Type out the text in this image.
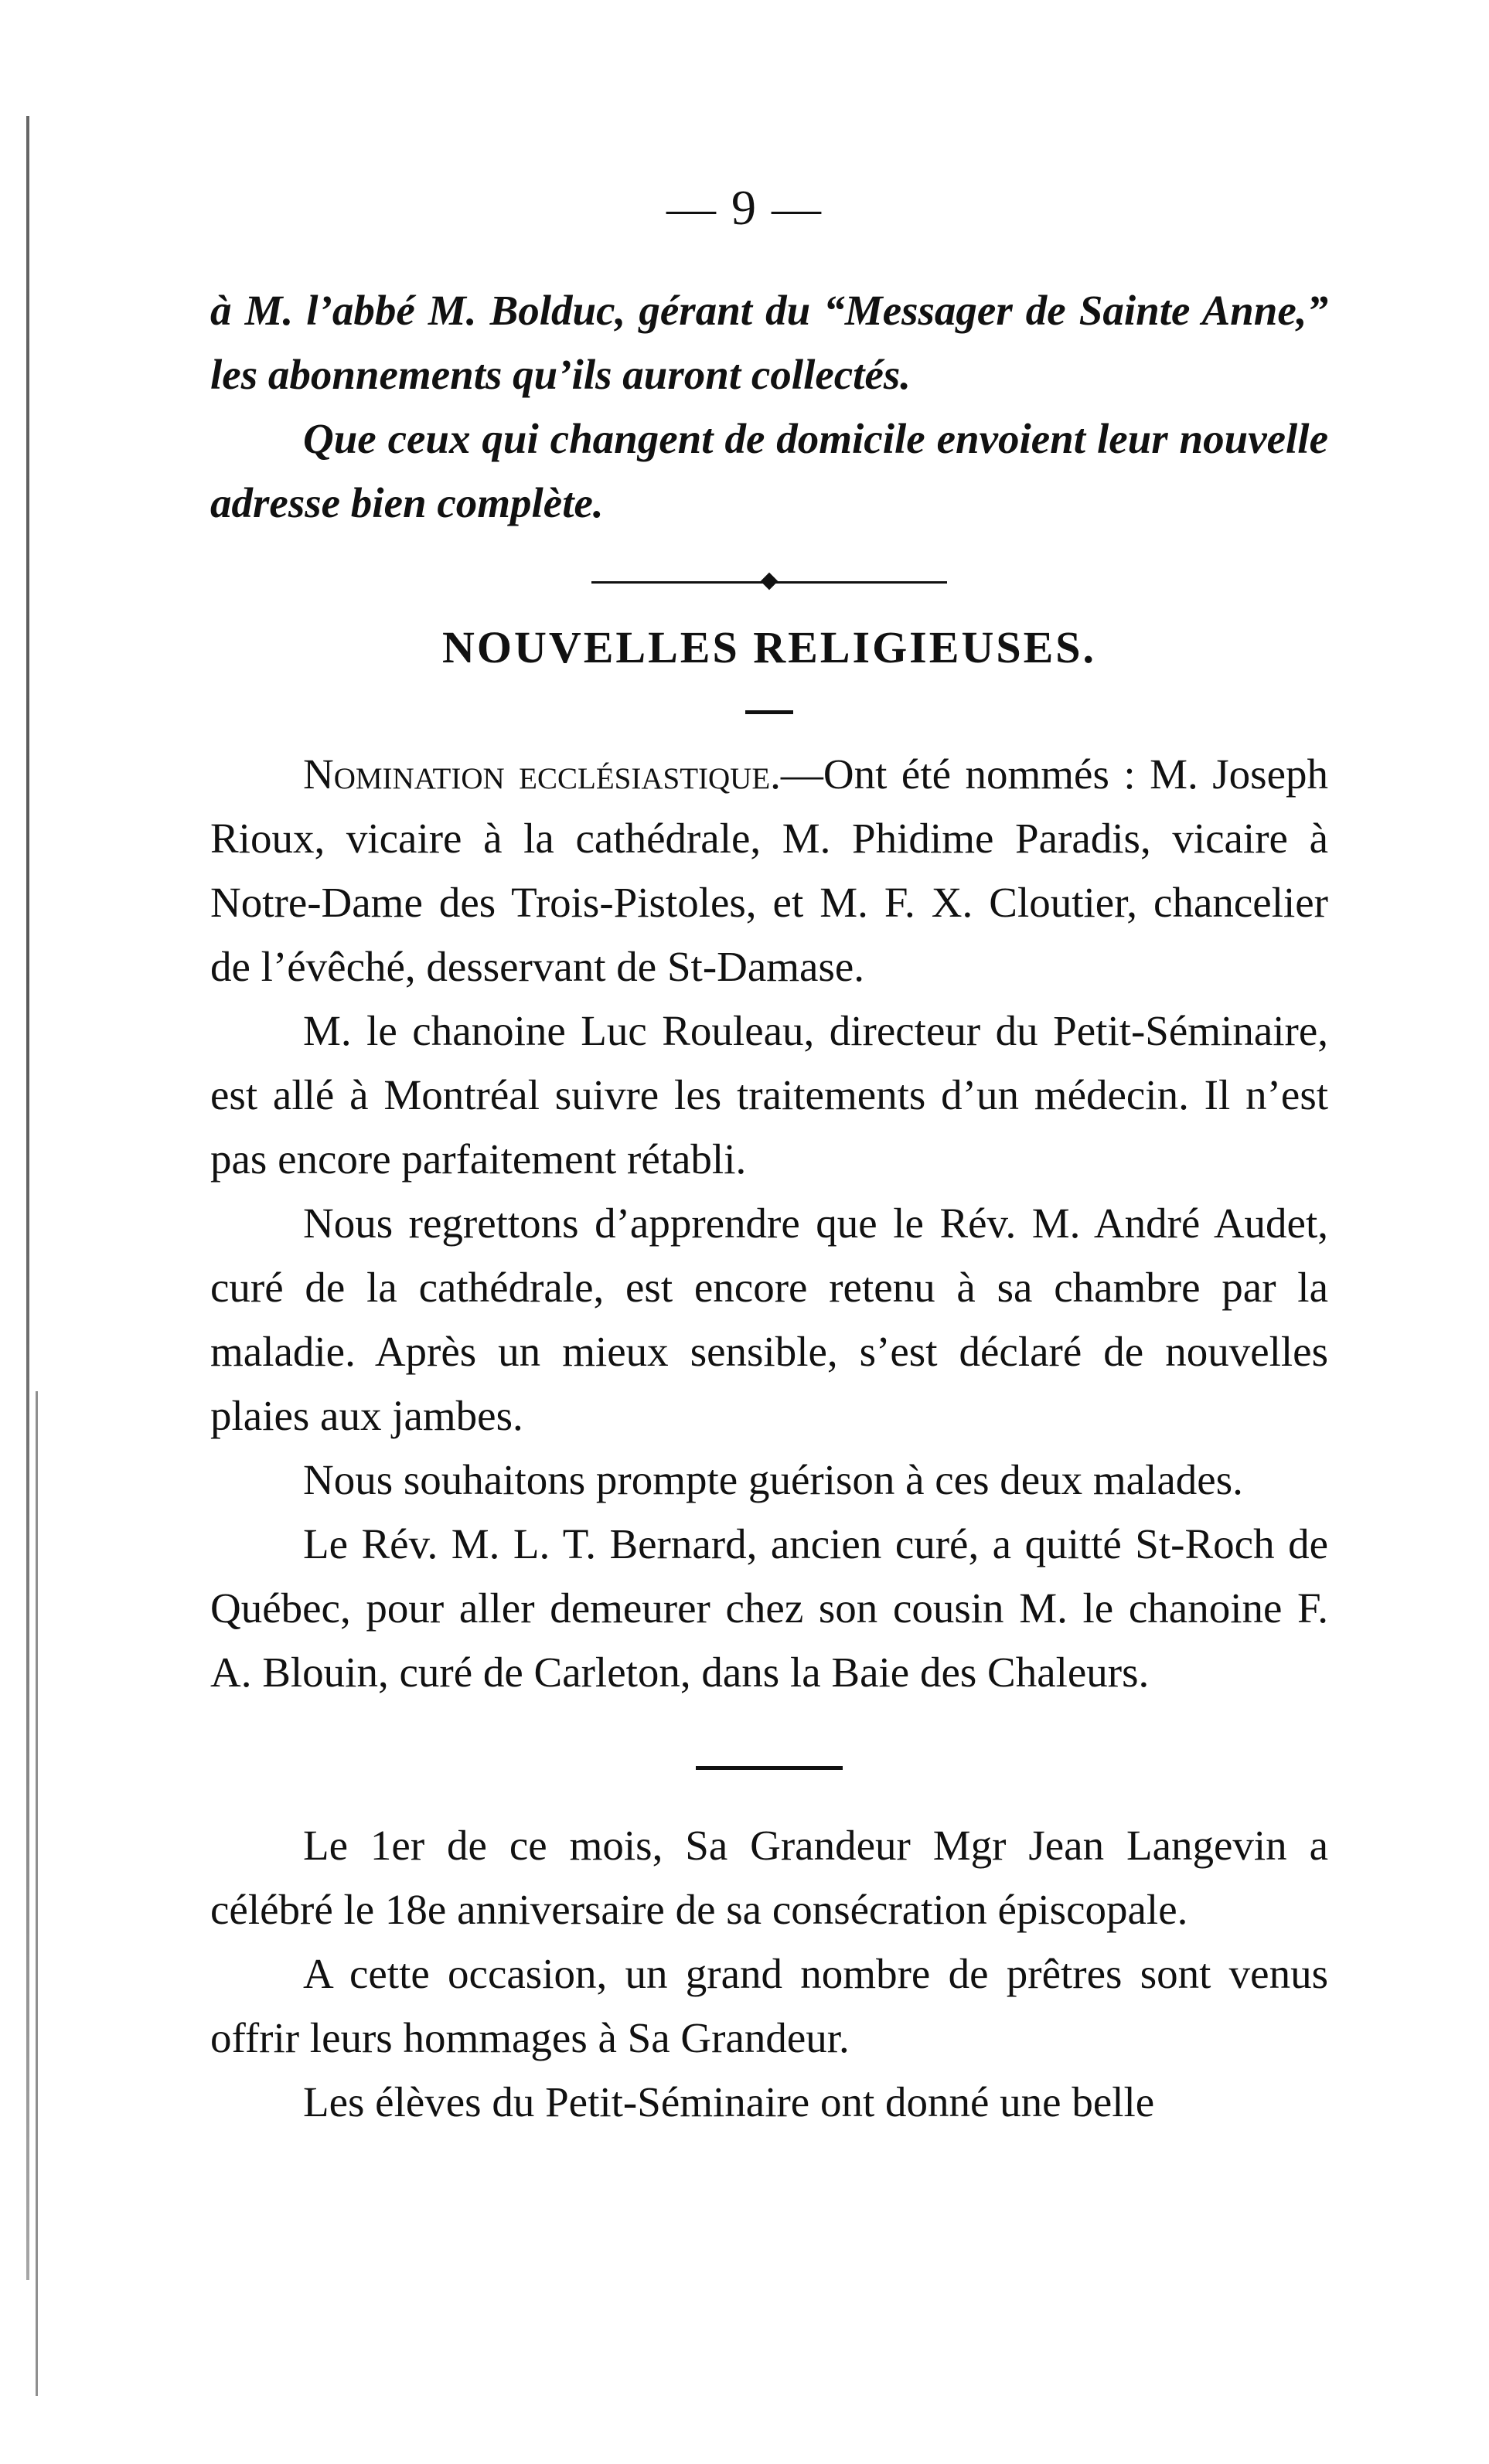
— 9 —

à M. l’abbé M. Bolduc, gérant du “Messager de Sainte Anne,” les abonnements qu’ils auront collectés.

Que ceux qui changent de domicile envoient leur nouvelle adresse bien complète.

NOUVELLES RELIGIEUSES.

Nomination ecclésiastique.—Ont été nommés : M. Joseph Rioux, vicaire à la cathédrale, M. Phidime Paradis, vicaire à Notre-Dame des Trois-Pistoles, et M. F. X. Cloutier, chancelier de l’évêché, desservant de St-Damase.

M. le chanoine Luc Rouleau, directeur du Petit-Séminaire, est allé à Montréal suivre les traitements d’un médecin. Il n’est pas encore parfaitement rétabli.

Nous regrettons d’apprendre que le Rév. M. André Audet, curé de la cathédrale, est encore retenu à sa chambre par la maladie. Après un mieux sensible, s’est déclaré de nouvelles plaies aux jambes.

Nous souhaitons prompte guérison à ces deux malades.

Le Rév. M. L. T. Bernard, ancien curé, a quitté St-Roch de Québec, pour aller demeurer chez son cousin M. le chanoine F. A. Blouin, curé de Carleton, dans la Baie des Chaleurs.

Le 1er de ce mois, Sa Grandeur Mgr Jean Langevin a célébré le 18e anniversaire de sa consécration épiscopale.

A cette occasion, un grand nombre de prêtres sont venus offrir leurs hommages à Sa Grandeur.

Les élèves du Petit-Séminaire ont donné une belle
